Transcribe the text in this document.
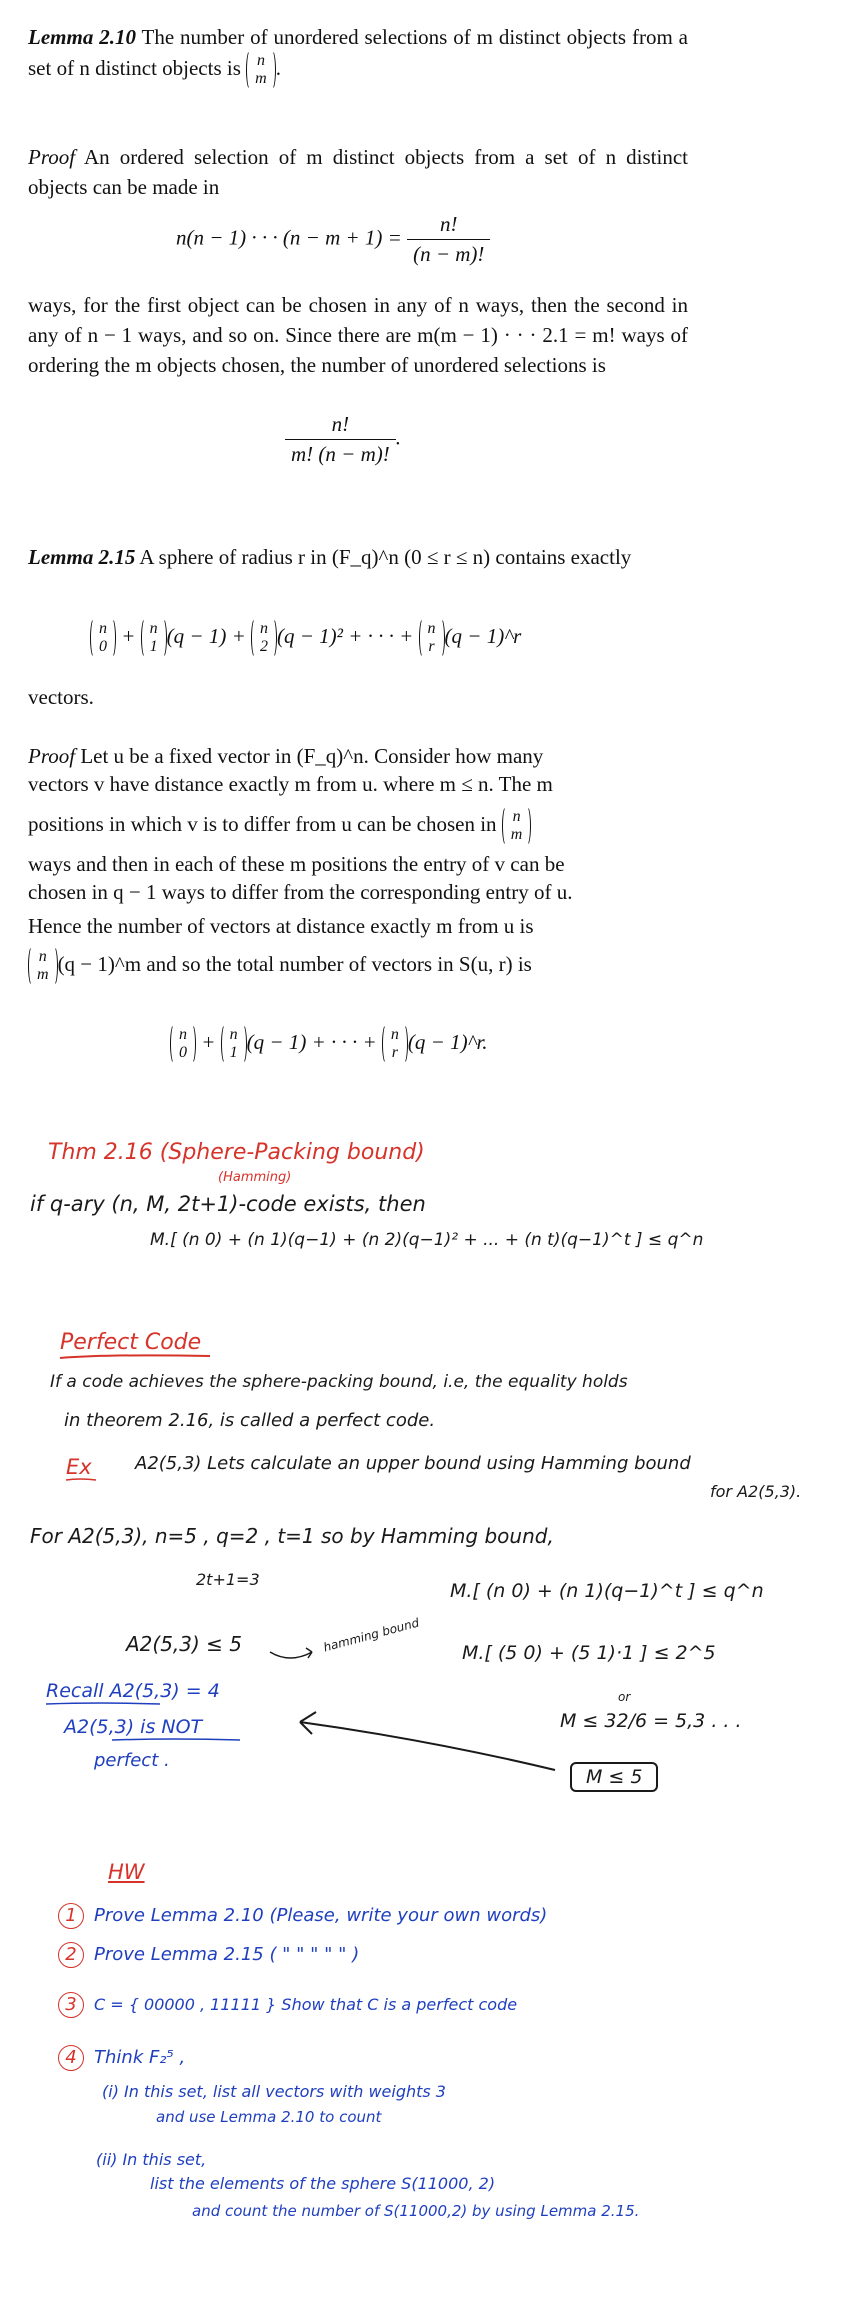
Lemma 2.10 The number of unordered selections of m distinct objects from a set of n distinct objects is n
m .
Proof An ordered selection of m distinct objects from a set of n distinct objects can be made in
n(n − 1) · · · $(n - m + 1) = \frac{n!}{(n - m)!}$
ways, for the first object can be chosen in any of n ways, then the second in any of n − 1 ways, and so on. Since there are m(m − 1) · · · 2.1 = m! ways of ordering the m objects chosen, the number of unordered selections is
$\frac{n!}{m! (n - m)!}$ .
Lemma 2.15 A sphere of radius r in (F_q)^n (0 ≤ r ≤ n) contains exactly
n
0 + n
1 (q − 1) + n
2 (q − 1)² + · · · + n
r (q − 1)^r
vectors.
Proof Let u be a fixed vector in (F_q)^n. Consider how many
vectors v have distance exactly m from u. where m ≤ n. The m
positions in which v is to differ from u can be chosen in n
m
ways and then in each of these m positions the entry of v can be
chosen in q − 1 ways to differ from the corresponding entry of u.
Hence the number of vectors at distance exactly m from u is
n
m (q − 1)^m and so the total number of vectors in S(u, r) is
n
0 + n
1 (q − 1) + · · · + n
r (q − 1)^r.
Thm 2.16 (Sphere-Packing bound)
(Hamming)
if q-ary (n, M, 2t+1)-code exists, then
M.[ (n 0) + (n 1)(q−1) + (n 2)(q−1)² + ... + (n t)(q−1)^t ] ≤ q^n
Perfect Code
If a code achieves the sphere-packing bound, i.e, the equality holds
in theorem 2.16, is called a perfect code.
Ex A2(5,3) Lets calculate an upper bound using Hamming bound
for A2(5,3).
For A2(5,3), n=5 , q=2 , t=1 so by Hamming bound,
2t+1=3
M.[ (n 0) + (n 1)(q−1)^t ] ≤ q^n
M.[ (5 0) + (5 1)·1 ] ≤ 2^5
A2(5,3) ≤ 5	hamming bound
or
M ≤ 32/6 = 5,3 . . .
M ≤ 5
Recall A2(5,3) = 4
A2(5,3) is NOT
perfect .
HW
1 Prove Lemma 2.10 (Please, write your own words)
2 Prove Lemma 2.15 ( " " " " " )
3 C = { 00000 , 11111 } Show that C is a perfect code
4 Think F₂⁵ ,
(i) In this set, list all vectors with weights 3
and use Lemma 2.10 to count
(ii) In this set,
list the elements of the sphere S(11000, 2)
and count the number of S(11000,2) by using Lemma 2.15.
